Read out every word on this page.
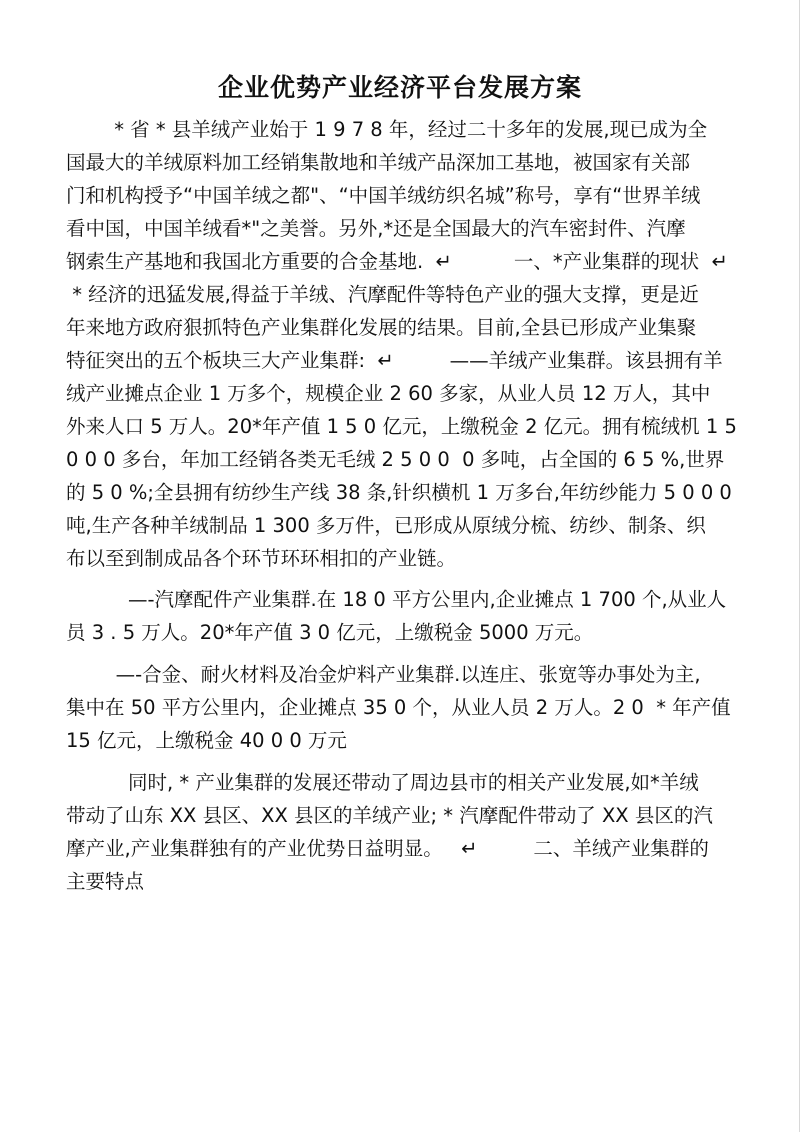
企业优势产业经济平台发展方案

* 省 * 县羊绒产业始于 1 9 7 8 年，经过二十多年的发展,现已成为全

国最大的羊绒原料加工经销集散地和羊绒产品深加工基地，被国家有关部

门和机构授予“中国羊绒之都"、“中国羊绒纺织名城”称号，享有“世界羊绒

看中国，中国羊绒看*"之美誉。另外,*还是全国最大的汽车密封件、汽摩

钢索生产基地和我国北方重要的合金基地.  ↵          一、*产业集群的现状  ↵

* 经济的迅猛发展,得益于羊绒、汽摩配件等特色产业的强大支撑，更是近

年来地方政府狠抓特色产业集群化发展的结果。目前,全县已形成产业集聚

特征突出的五个板块三大产业集群:  ↵         ——羊绒产业集群。该县拥有羊

绒产业摊点企业 1 万多个，规模企业 2 60 多家，从业人员 12 万人，其中

外来人口 5 万人。20*年产值 1 5 0 亿元，上缴税金 2 亿元。拥有梳绒机 1 5

0 0 0 多台，年加工经销各类无毛绒 2 5 0 0  0 多吨，占全国的 6 5 %,世界

的 5 0 %;全县拥有纺纱生产线 38 条,针织横机 1 万多台,年纺纱能力 5 0 0 0

吨,生产各种羊绒制品 1 300 多万件，已形成从原绒分梳、纺纱、制条、织

布以至到制成品各个环节环环相扣的产业链。

—-汽摩配件产业集群.在 18 0 平方公里内,企业摊点 1 700 个,从业人

员 3 . 5 万人。20*年产值 3 0 亿元，上缴税金 5000 万元。

—-合金、耐火材料及冶金炉料产业集群.以连庄、张宽等办事处为主,

集中在 50 平方公里内，企业摊点 35 0 个，从业人员 2 万人。2 0  * 年产值

15 亿元，上缴税金 40 0 0 万元

同时, * 产业集群的发展还带动了周边县市的相关产业发展,如*羊绒

带动了山东 XX 县区、XX 县区的羊绒产业; * 汽摩配件带动了 XX 县区的汽

摩产业,产业集群独有的产业优势日益明显。   ↵         二、羊绒产业集群的

主要特点
